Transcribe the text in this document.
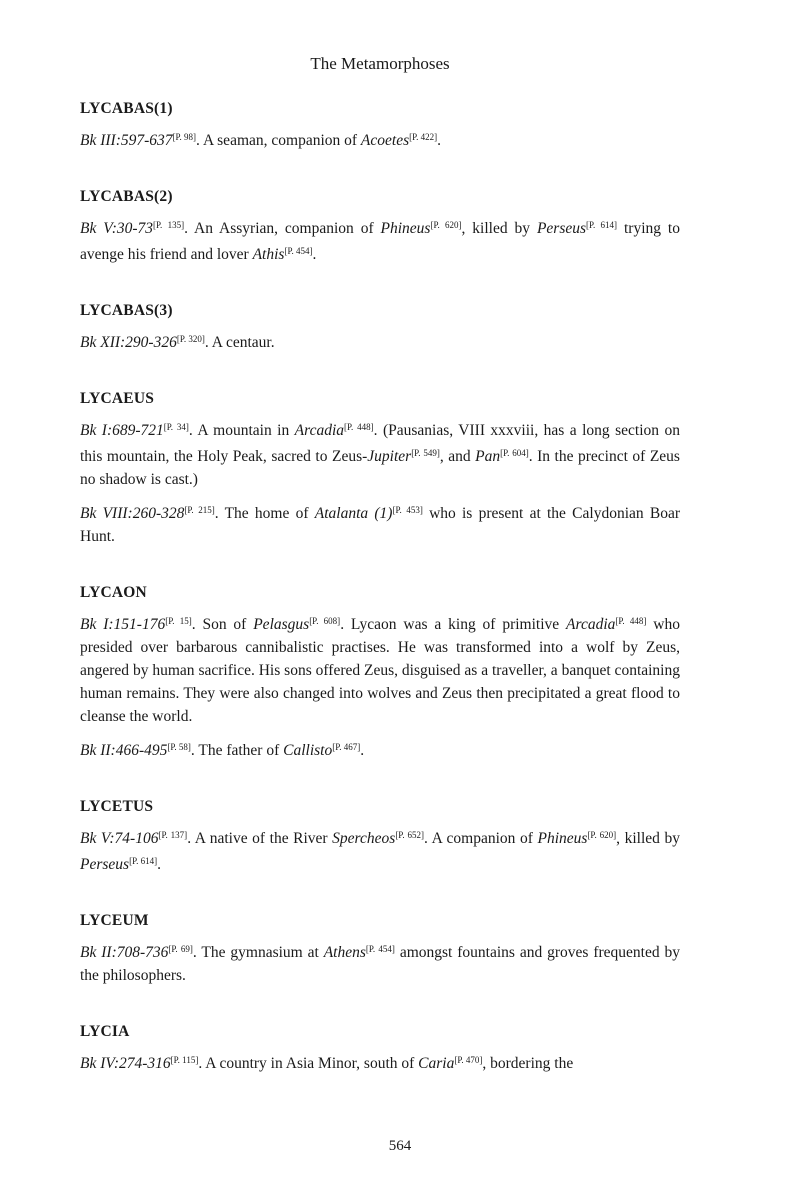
The Metamorphoses
LYCABAS(1)

Bk III:597-637[P. 98]. A seaman, companion of Acoetes[P. 422].

LYCABAS(2)

Bk V:30-73[P. 135]. An Assyrian, companion of Phineus[P. 620], killed by Perseus[P. 614] trying to avenge his friend and lover Athis[P. 454].

LYCABAS(3)

Bk XII:290-326[P. 320]. A centaur.

LYCAEUS

Bk I:689-721[P. 34]. A mountain in Arcadia[P. 448]. (Pausanias, VIII xxxviii, has a long section on this mountain, the Holy Peak, sacred to Zeus-Jupiter[P. 549], and Pan[P. 604]. In the precinct of Zeus no shadow is cast.)

Bk VIII:260-328[P. 215]. The home of Atalanta (1)[P. 453] who is present at the Calydonian Boar Hunt.

LYCAON

Bk I:151-176[P. 15]. Son of Pelasgus[P. 608]. Lycaon was a king of primitive Arcadia[P. 448] who presided over barbarous cannibalistic practises. He was transformed into a wolf by Zeus, angered by human sacrifice. His sons offered Zeus, disguised as a traveller, a banquet containing human remains. They were also changed into wolves and Zeus then precipitated a great flood to cleanse the world.

Bk II:466-495[P. 58]. The father of Callisto[P. 467].

LYCETUS

Bk V:74-106[P. 137]. A native of the River Spercheos[P. 652]. A companion of Phineus[P. 620], killed by Perseus[P. 614].

LYCEUM

Bk II:708-736[P. 69]. The gymnasium at Athens[P. 454] amongst fountains and groves frequented by the philosophers.

LYCIA

Bk IV:274-316[P. 115]. A country in Asia Minor, south of Caria[P. 470], bordering the

564
